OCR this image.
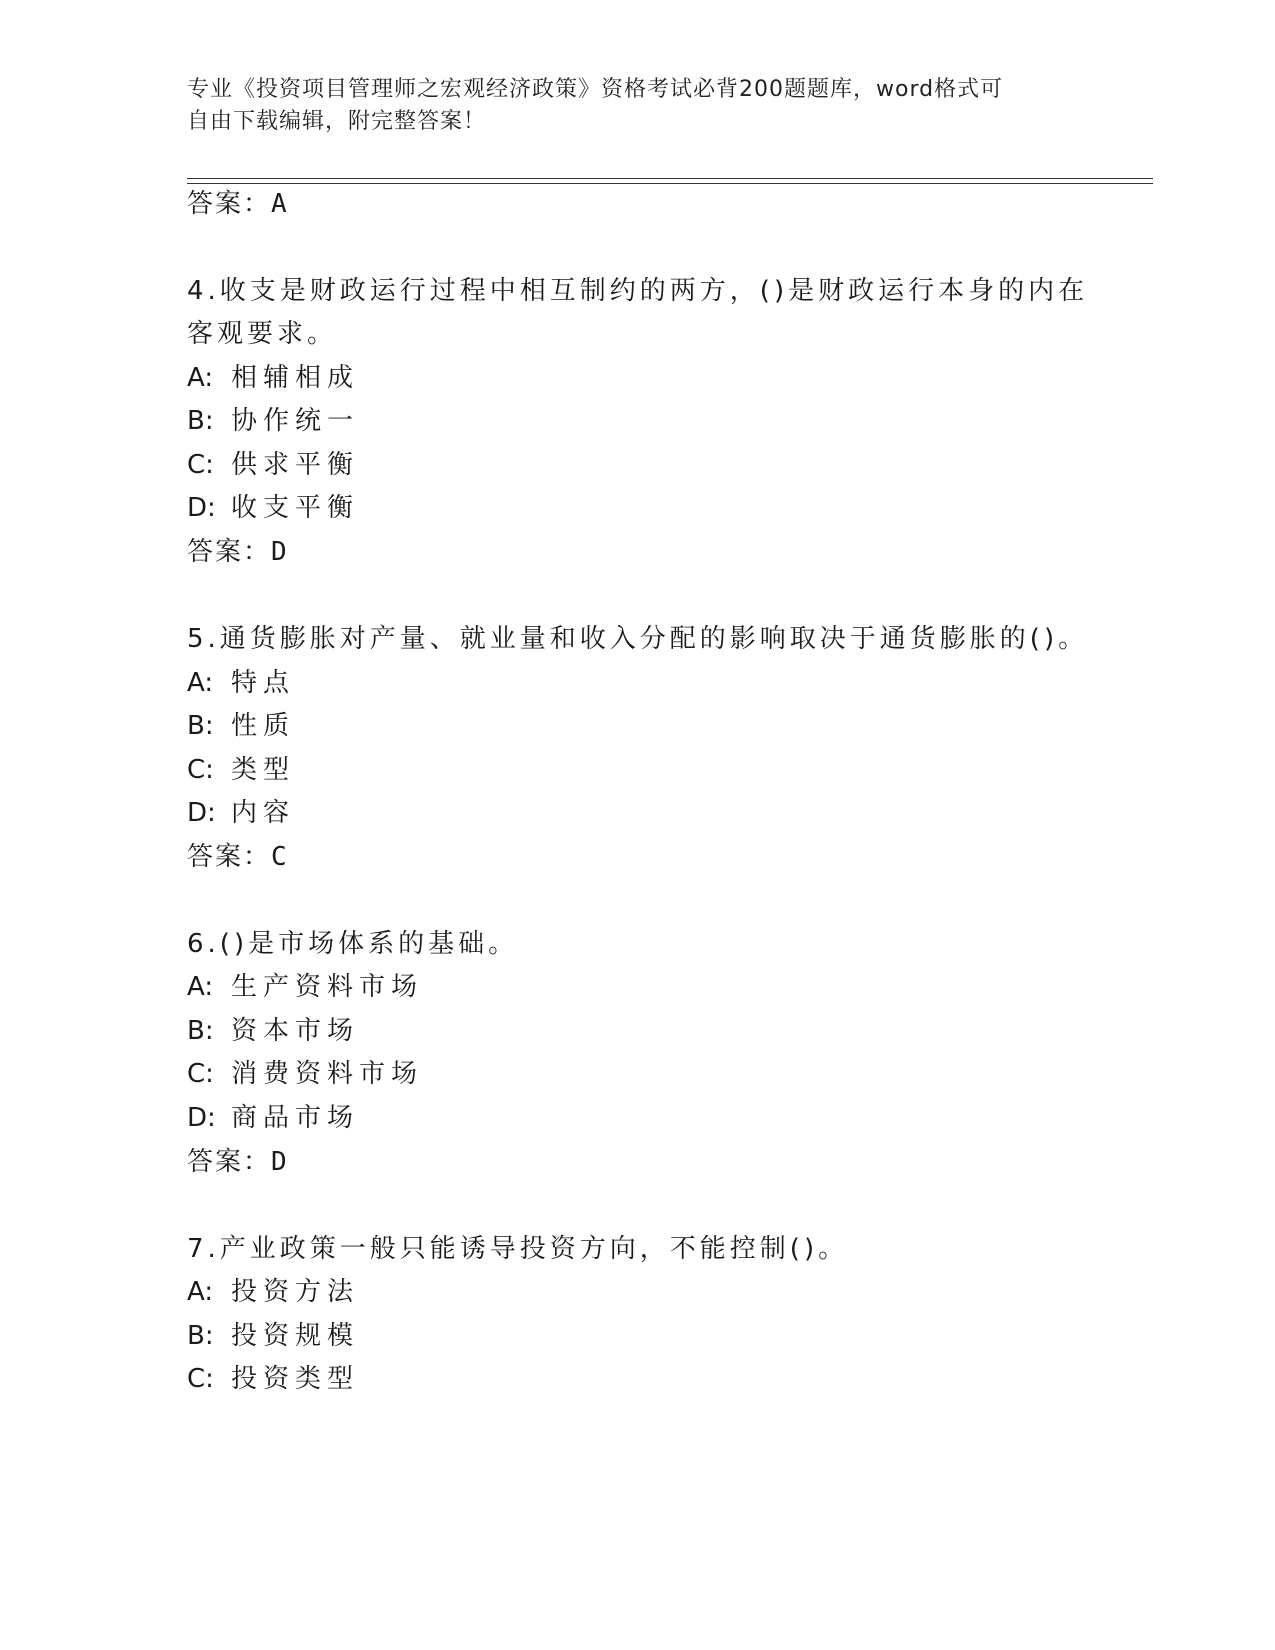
专业《投资项目管理师之宏观经济政策》资格考试必背200题题库，word格式可
自由下载编辑，附完整答案！
答案：A
4.收支是财政运行过程中相互制约的两方，()是财政运行本身的内在
客观要求。
A: 相辅相成
B: 协作统一
C: 供求平衡
D: 收支平衡
答案：D
5.通货膨胀对产量、就业量和收入分配的影响取决于通货膨胀的()。
A: 特点
B: 性质
C: 类型
D: 内容
答案：C
6.()是市场体系的基础。
A: 生产资料市场
B: 资本市场
C: 消费资料市场
D: 商品市场
答案：D
7.产业政策一般只能诱导投资方向，不能控制()。
A: 投资方法
B: 投资规模
C: 投资类型
